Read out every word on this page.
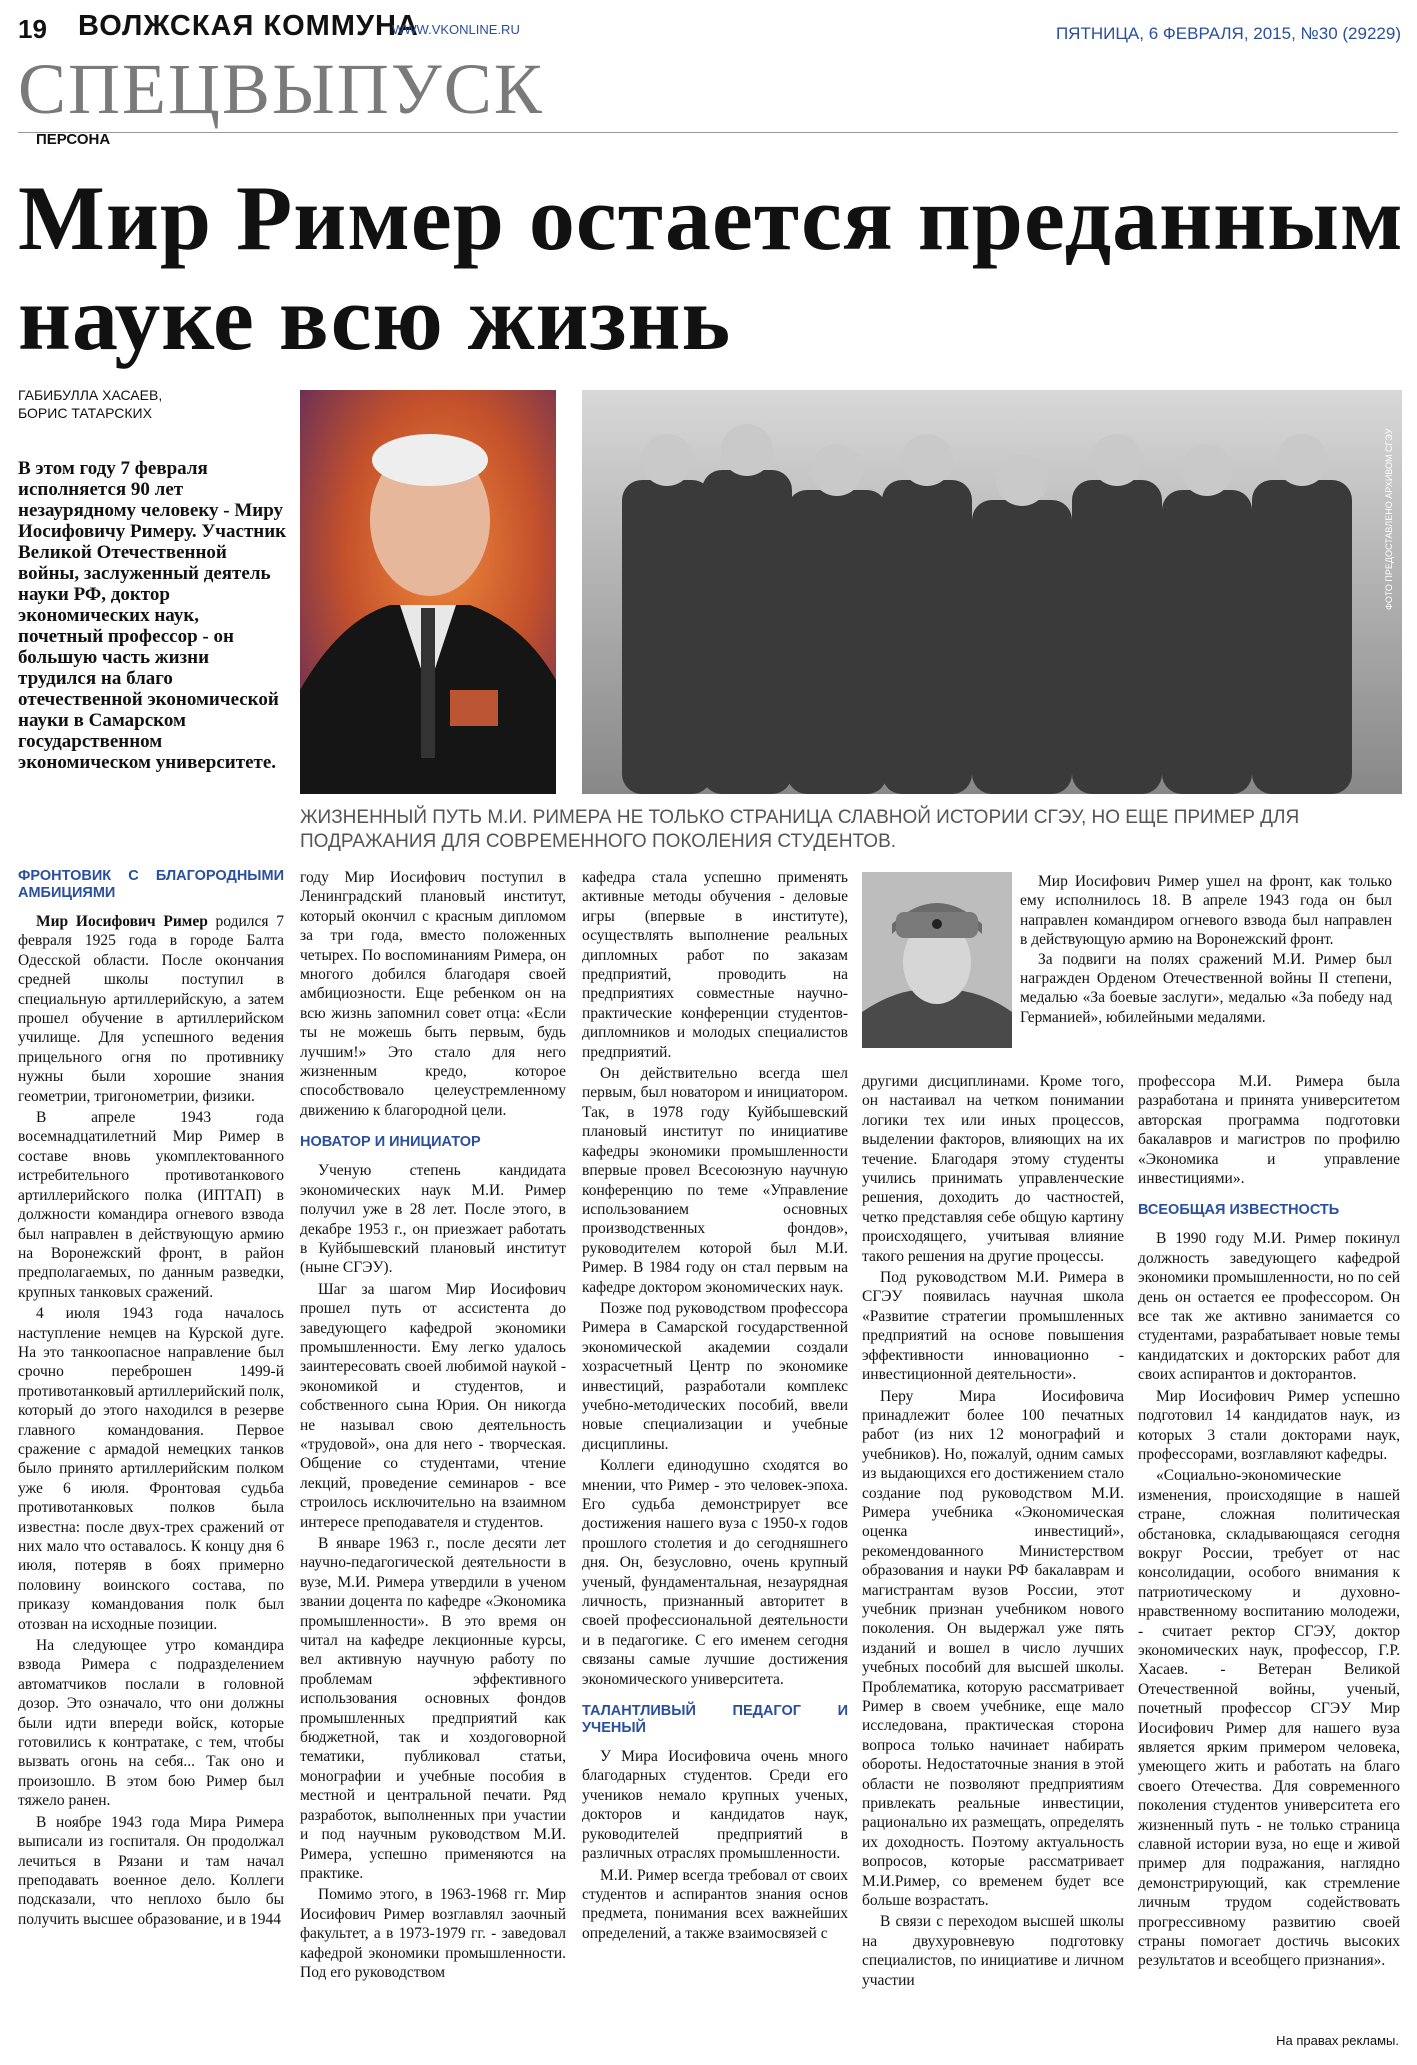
19 ВОЛЖСКАЯ КОММУНА
WWW.VKONLINE.RU	ПЯТНИЦА, 6 ФЕВРАЛЯ, 2015, №30 (29229)
СПЕЦВЫПУСК
ПЕРСОНА
Мир Ример остается преданным науке всю жизнь
ГАБИБУЛЛА ХАСАЕВ,
БОРИС ТАТАРСКИХ
В этом году 7 февраля исполняется 90 лет незаурядному человеку - Миру Иосифовичу Римеру. Участник Великой Отечественной войны, заслуженный деятель науки РФ, доктор экономических наук, почетный профессор - он большую часть жизни трудился на благо отечественной экономической науки в Самарском государственном экономическом университете.
ФОТО ПРЕДОСТАВЛЕНО АРХИВОМ СГЭУ
ЖИЗНЕННЫЙ ПУТЬ М.И. РИМЕРА НЕ ТОЛЬКО СТРАНИЦА СЛАВНОЙ ИСТОРИИ СГЭУ, НО ЕЩЕ ПРИМЕР ДЛЯ ПОДРАЖАНИЯ ДЛЯ СОВРЕМЕННОГО ПОКОЛЕНИЯ СТУДЕНТОВ.
ФРОНТОВИК С БЛАГОРОДНЫМИ АМБИЦИЯМИ

Мир Иосифович Ример родился 7 февраля 1925 года в городе Балта Одесской области. После окончания средней школы поступил в специальную артиллерийскую, а затем прошел обучение в артиллерийском училище. Для успешного ведения прицельного огня по противнику нужны были хорошие знания геометрии, тригонометрии, физики.

В апреле 1943 года восемнадцатилетний Мир Ример в составе вновь укомплектованного истребительного противотанкового артиллерийского полка (ИПТАП) в должности командира огневого взвода был направлен в действующую армию на Воронежский фронт, в район предполагаемых, по данным разведки, крупных танковых сражений.

4 июля 1943 года началось наступление немцев на Курской дуге. На это танкоопасное направление был срочно переброшен 1499-й противотанковый артиллерийский полк, который до этого находился в резерве главного командования. Первое сражение с армадой немецких танков было принято артиллерийским полком уже 6 июля. Фронтовая судьба противотанковых полков была известна: после двух-трех сражений от них мало что оставалось. К концу дня 6 июля, потеряв в боях примерно половину воинского состава, по приказу командования полк был отозван на исходные позиции.

На следующее утро командира взвода Римера с подразделением автоматчиков послали в головной дозор. Это означало, что они должны были идти впереди войск, которые готовились к контратаке, с тем, чтобы вызвать огонь на себя... Так оно и произошло. В этом бою Ример был тяжело ранен.

В ноябре 1943 года Мира Римера выписали из госпиталя. Он продолжал лечиться в Рязани и там начал преподавать военное дело. Коллеги подсказали, что неплохо было бы получить высшее образование, и в 1944

году Мир Иосифович поступил в Ленинградский плановый институт, который окончил с красным дипломом за три года, вместо положенных четырех. По воспоминаниям Римера, он многого добился благодаря своей амбициозности. Еще ребенком он на всю жизнь запомнил совет отца: «Если ты не можешь быть первым, будь лучшим!» Это стало для него жизненным кредо, которое способствовало целеустремленному движению к благородной цели.

НОВАТОР И ИНИЦИАТОР

Ученую степень кандидата экономических наук М.И. Ример получил уже в 28 лет. После этого, в декабре 1953 г., он приезжает работать в Куйбышевский плановый институт (ныне СГЭУ).

Шаг за шагом Мир Иосифович прошел путь от ассистента до заведующего кафедрой экономики промышленности. Ему легко удалось заинтересовать своей любимой наукой - экономикой и студентов, и собственного сына Юрия. Он никогда не называл свою деятельность «трудовой», она для него - творческая. Общение со студентами, чтение лекций, проведение семинаров - все строилось исключительно на взаимном интересе преподавателя и студентов.

В январе 1963 г., после десяти лет научно-педагогической деятельности в вузе, М.И. Римера утвердили в ученом звании доцента по кафедре «Экономика промышленности». В это время он читал на кафедре лекционные курсы, вел активную научную работу по проблемам эффективного использования основных фондов промышленных предприятий как бюджетной, так и хоздоговорной тематики, публиковал статьи, монографии и учебные пособия в местной и центральной печати. Ряд разработок, выполненных при участии и под научным руководством М.И. Римера, успешно применяются на практике.

Помимо этого, в 1963-1968 гг. Мир Иосифович Ример возглавлял заочный факультет, а в 1973-1979 гг. - заведовал кафедрой экономики промышленности. Под его руководством

кафедра стала успешно применять активные методы обучения - деловые игры (впервые в институте), осуществлять выполнение реальных дипломных работ по заказам предприятий, проводить на предприятиях совместные научно-практические конференции студентов-дипломников и молодых специалистов предприятий.

Он действительно всегда шел первым, был новатором и инициатором. Так, в 1978 году Куйбышевский плановый институт по инициативе кафедры экономики промышленности впервые провел Всесоюзную научную конференцию по теме «Управление использованием основных производственных фондов», руководителем которой был М.И. Ример. В 1984 году он стал первым на кафедре доктором экономических наук.

Позже под руководством профессора Римера в Самарской государственной экономической академии создали хозрасчетный Центр по экономике инвестиций, разработали комплекс учебно-методических пособий, ввели новые специализации и учебные дисциплины.

Коллеги единодушно сходятся во мнении, что Ример - это человек-эпоха. Его судьба демонстрирует все достижения нашего вуза с 1950-х годов прошлого столетия и до сегодняшнего дня. Он, безусловно, очень крупный ученый, фундаментальная, незаурядная личность, признанный авторитет в своей профессиональной деятельности и в педагогике. С его именем сегодня связаны самые лучшие достижения экономического университета.

ТАЛАНТЛИВЫЙ ПЕДАГОГ И УЧЕНЫЙ

У Мира Иосифовича очень много благодарных студентов. Среди его учеников немало крупных ученых, докторов и кандидатов наук, руководителей предприятий в различных отраслях промышленности.

М.И. Ример всегда требовал от своих студентов и аспирантов знания основ предмета, понимания всех важнейших определений, а также взаимосвязей с

Мир Иосифович Ример ушел на фронт, как только ему исполнилось 18. В апреле 1943 года он был направлен командиром огневого взвода был направлен в действующую армию на Воронежский фронт.

За подвиги на полях сражений М.И. Ример был награжден Орденом Отечественной войны II степени, медалью «За боевые заслуги», медалью «За победу над Германией», юбилейными медалями.

другими дисциплинами. Кроме того, он настаивал на четком понимании логики тех или иных процессов, выделении факторов, влияющих на их течение. Благодаря этому студенты учились принимать управленческие решения, доходить до частностей, четко представляя себе общую картину происходящего, учитывая влияние такого решения на другие процессы.

Под руководством М.И. Римера в СГЭУ появилась научная школа «Развитие стратегии промышленных предприятий на основе повышения эффективности инновационно - инвестиционной деятельности».

Перу Мира Иосифовича принадлежит более 100 печатных работ (из них 12 монографий и учебников). Но, пожалуй, одним самых из выдающихся его достижением стало создание под руководством М.И. Римера учебника «Экономическая оценка инвестиций», рекомендованного Министерством образования и науки РФ бакалаврам и магистрантам вузов России, этот учебник признан учебником нового поколения. Он выдержал уже пять изданий и вошел в число лучших учебных пособий для высшей школы. Проблематика, которую рассматривает Ример в своем учебнике, еще мало исследована, практическая сторона вопроса только начинает набирать обороты. Недостаточные знания в этой области не позволяют предприятиям привлекать реальные инвестиции, рационально их размещать, определять их доходность. Поэтому актуальность вопросов, которые рассматривает М.И.Ример, со временем будет все больше возрастать.

В связи с переходом высшей школы на двухуровневую подготовку специалистов, по инициативе и личном участии

профессора М.И. Римера была разработана и принята университетом авторская программа подготовки бакалавров и магистров по профилю «Экономика и управление инвестициями».

ВСЕОБЩАЯ ИЗВЕСТНОСТЬ

В 1990 году М.И. Ример покинул должность заведующего кафедрой экономики промышленности, но по сей день он остается ее профессором. Он все так же активно занимается со студентами, разрабатывает новые темы кандидатских и докторских работ для своих аспирантов и докторантов.

Мир Иосифович Ример успешно подготовил 14 кандидатов наук, из которых 3 стали докторами наук, профессорами, возглавляют кафедры.

«Социально-экономические изменения, происходящие в нашей стране, сложная политическая обстановка, складывающаяся сегодня вокруг России, требует от нас консолидации, особого внимания к патриотическому и духовно-нравственному воспитанию молодежи, - считает ректор СГЭУ, доктор экономических наук, профессор, Г.Р. Хасаев. - Ветеран Великой Отечественной войны, ученый, почетный профессор СГЭУ Мир Иосифович Ример для нашего вуза является ярким примером человека, умеющего жить и работать на благо своего Отечества. Для современного поколения студентов университета его жизненный путь - не только страница славной истории вуза, но еще и живой пример для подражания, наглядно демонстрирующий, как стремление личным трудом содействовать прогрессивному развитию своей страны помогает достичь высоких результатов и всеобщего признания».

На правах рекламы.
